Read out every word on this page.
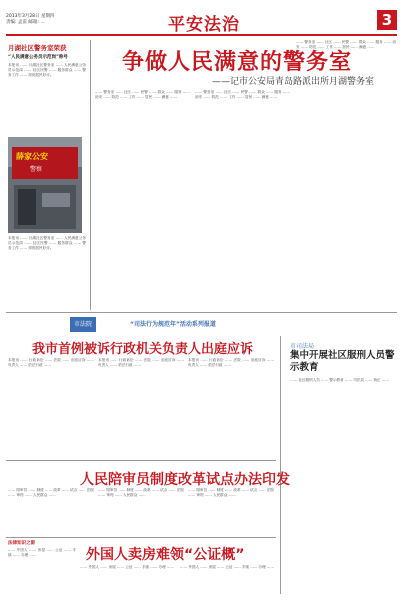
2013年3月28日 星期四
责编: 孟雷 邮箱: ...	平安法治	3
月湖社区警务室荣获
“人民满意公务员示范岗”称号
本报讯 …… 月湖社区警务室 …… 人民满意公务员示范岗 …… 社区民警 …… 服务群众 …… 警务工作 …… 得到居民好评。
薛家公安
警察
本报讯 …… 月湖社区警务室 …… 人民满意公务员示范岗 …… 社区民警 …… 服务群众 …… 警务工作 …… 得到居民好评。
争做人民满意的警务室
——记市公安局青岛路派出所月湖警务室
…… 警务室 …… 社区 …… 民警 …… 群众 …… 服务 …… 治安 …… 防范 …… 工作 …… 居民 …… 满意 ……
…… 警务室 …… 社区 …… 民警 …… 群众 …… 服务 …… 治安 …… 防范 …… 工作 …… 居民 …… 满意 ……
…… 警务室 …… 社区 …… 民警 …… 群众 …… 服务 …… 治安 …… 防范 …… 工作 …… 居民 …… 满意 ……
市法院	“司法行为规范年”活动系列报道
我市首例被诉行政机关负责人出庭应诉
本报讯 …… 行政诉讼 …… 法院 …… 出庭应诉 …… 负责人 …… 依法行政 ……
本报讯 …… 行政诉讼 …… 法院 …… 出庭应诉 …… 负责人 …… 依法行政 ……
本报讯 …… 行政诉讼 …… 法院 …… 出庭应诉 …… 负责人 …… 依法行政 ……
人民陪审员制度改革试点办法印发
…… 陪审员 …… 制度 …… 改革 …… 试点 …… 法院 …… 审判 …… 人民群众 ……
…… 陪审员 …… 制度 …… 改革 …… 试点 …… 法院 …… 审判 …… 人民群众 ……
…… 陪审员 …… 制度 …… 改革 …… 试点 …… 法院 …… 审判 …… 人民群众 ……
法律知识之窗
…… 外国人 …… 房屋 …… 公证 …… 手续 …… 办理 ……	外国人卖房难领“公证概”
…… 外国人 …… 房屋 …… 公证 …… 手续 …… 办理 ……	…… 外国人 …… 房屋 …… 公证 …… 手续 …… 办理 ……
市司法局
集中开展社区服刑人员警示教育
…… 社区服刑人员 …… 警示教育 …… 司法局 …… 矫正 ……
